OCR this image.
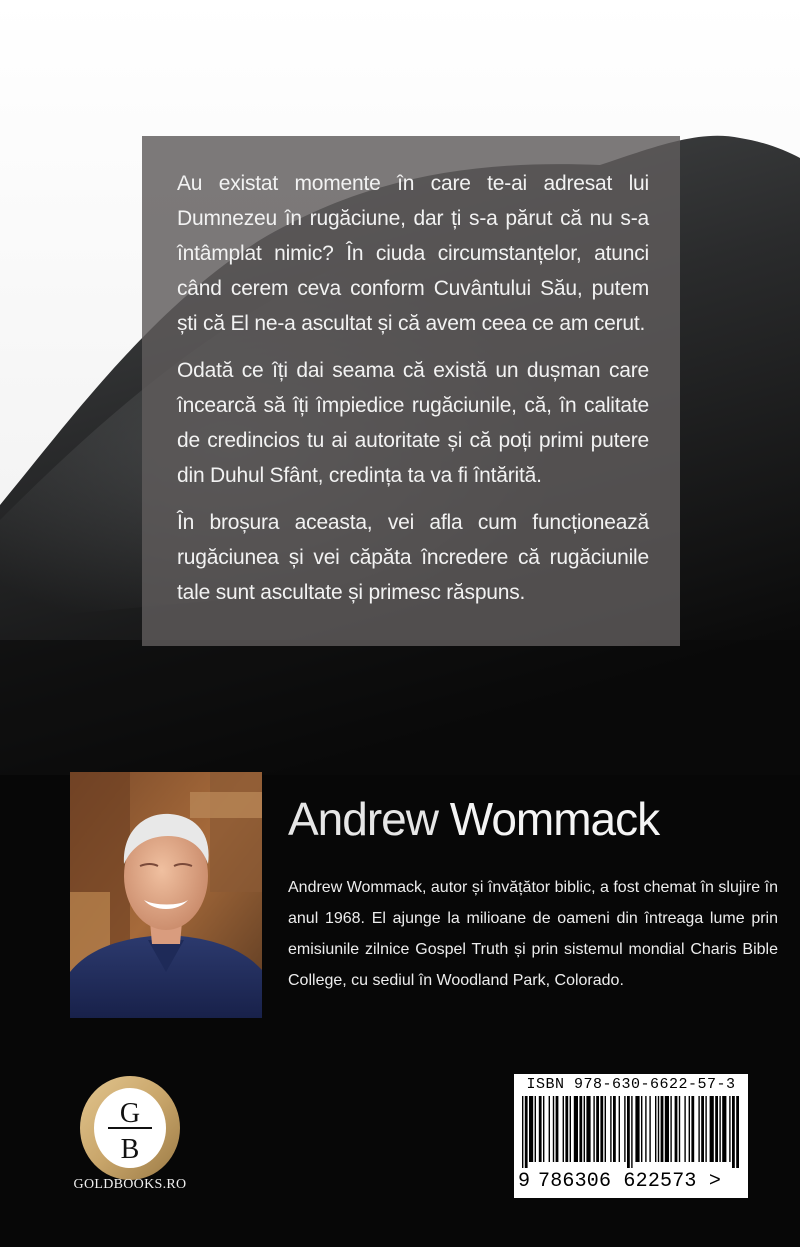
Au existat momente în care te-ai adresat lui Dumnezeu în rugăciune, dar ți s-a părut că nu s-a întâmplat nimic? În ciuda circumstanțelor, atunci când cerem ceva conform Cuvântului Său, putem ști că El ne-a ascultat și că avem ceea ce am cerut.

Odată ce îți dai seama că există un dușman care încearcă să îți împiedice rugăciunile, că, în calitate de credincios tu ai autoritate și că poți primi putere din Duhul Sfânt, credința ta va fi întărită.

În broșura aceasta, vei afla cum funcționează rugăciunea și vei căpăta încredere că rugăciunile tale sunt ascultate și primesc răspuns.

Andrew Wommack

Andrew Wommack, autor și învățător biblic, a fost chemat în slujire în anul 1968. El ajunge la milioane de oameni din întreaga lume prin emisiunile zilnice Gospel Truth și prin sistemul mondial Charis Bible College, cu sediul în Woodland Park, Colorado.

G
B
GOLDBOOKS.RO
ISBN 978-630-6622-57-3
9 786306 622573 >
